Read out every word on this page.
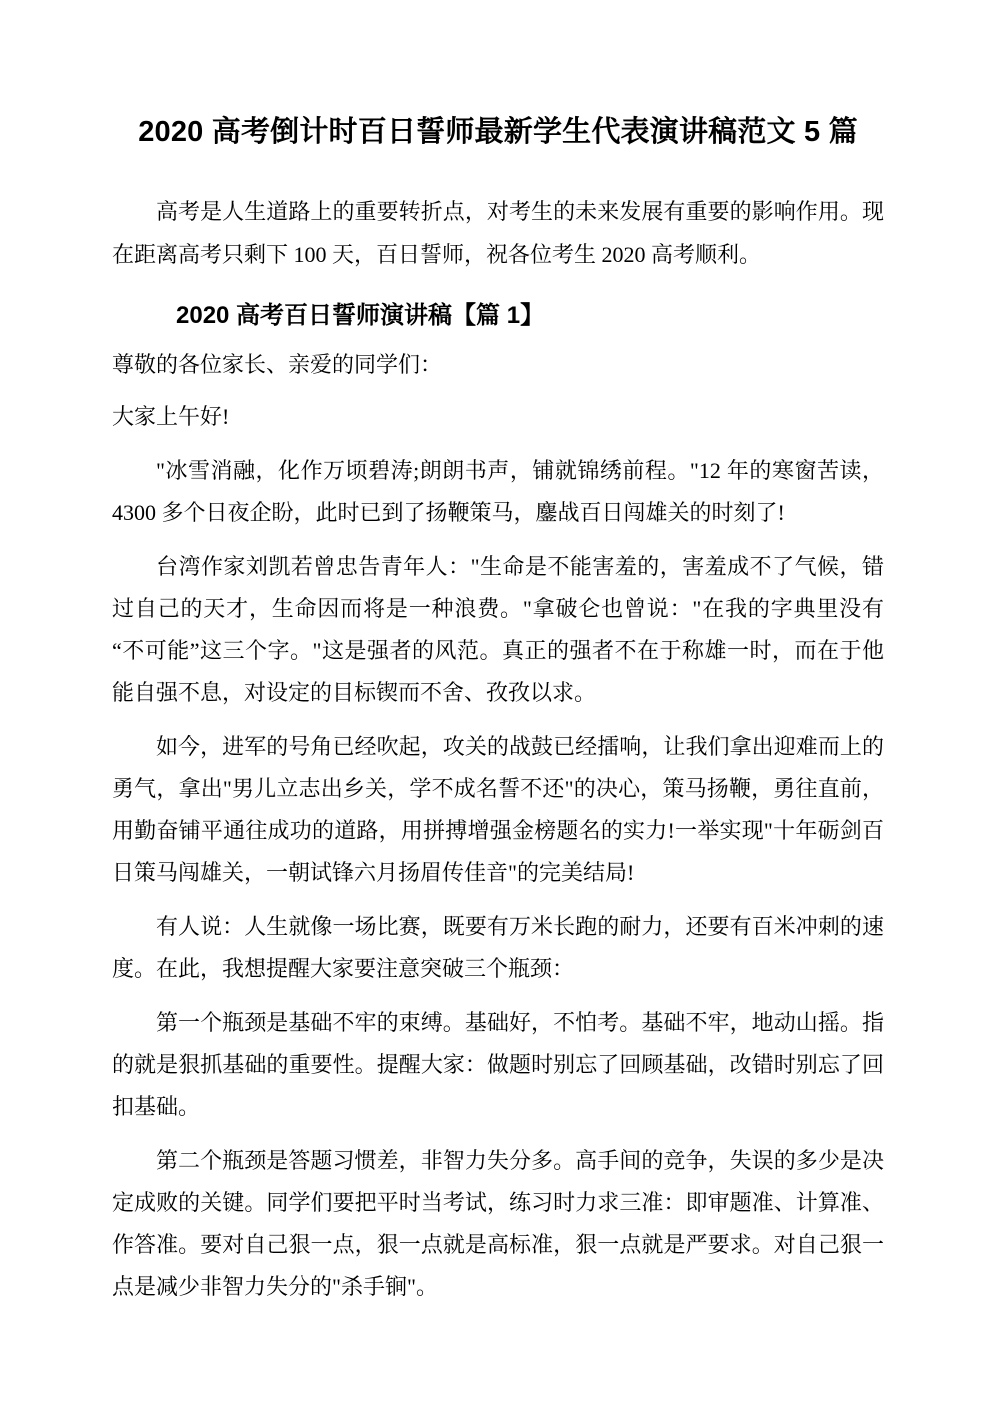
2020 高考倒计时百日誓师最新学生代表演讲稿范文 5 篇

高考是人生道路上的重要转折点，对考生的未来发展有重要的影响作用。现在距离高考只剩下 100 天，百日誓师，祝各位考生 2020 高考顺利。

2020 高考百日誓师演讲稿【篇 1】

尊敬的各位家长、亲爱的同学们：

大家上午好!

"冰雪消融，化作万顷碧涛;朗朗书声，铺就锦绣前程。"12 年的寒窗苦读，4300 多个日夜企盼，此时已到了扬鞭策马，鏖战百日闯雄关的时刻了!

台湾作家刘凯若曾忠告青年人："生命是不能害羞的，害羞成不了气候，错过自己的天才，生命因而将是一种浪费。"拿破仑也曾说："在我的字典里没有“不可能”这三个字。"这是强者的风范。真正的强者不在于称雄一时，而在于他能自强不息，对设定的目标锲而不舍、孜孜以求。

如今，进军的号角已经吹起，攻关的战鼓已经擂响，让我们拿出迎难而上的勇气，拿出"男儿立志出乡关，学不成名誓不还"的决心，策马扬鞭，勇往直前，用勤奋铺平通往成功的道路，用拼搏增强金榜题名的实力!一举实现"十年砺剑百日策马闯雄关，一朝试锋六月扬眉传佳音"的完美结局!

有人说：人生就像一场比赛，既要有万米长跑的耐力，还要有百米冲刺的速度。在此，我想提醒大家要注意突破三个瓶颈：

第一个瓶颈是基础不牢的束缚。基础好，不怕考。基础不牢，地动山摇。指的就是狠抓基础的重要性。提醒大家：做题时别忘了回顾基础，改错时别忘了回扣基础。

第二个瓶颈是答题习惯差，非智力失分多。高手间的竞争，失误的多少是决定成败的关键。同学们要把平时当考试，练习时力求三准：即审题准、计算准、作答准。要对自己狠一点，狠一点就是高标准，狠一点就是严要求。对自己狠一点是减少非智力失分的"杀手锏"。
